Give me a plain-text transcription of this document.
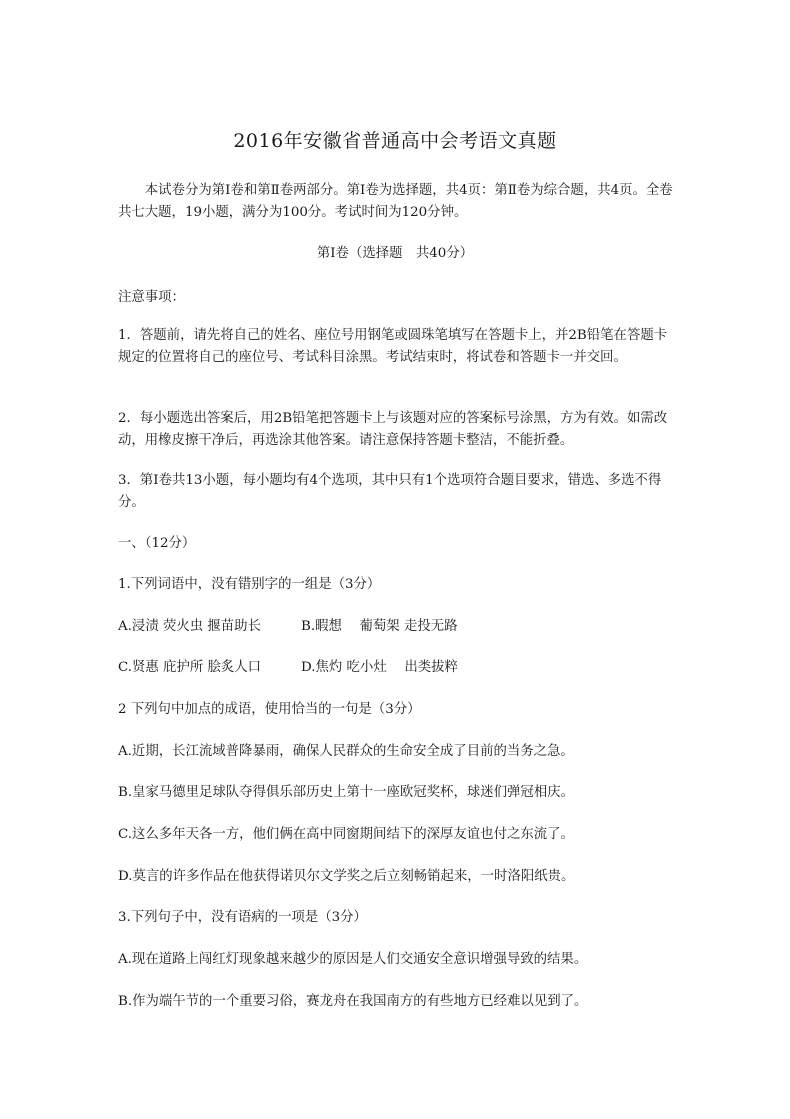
2016年安徽省普通高中会考语文真题

本试卷分为第Ⅰ卷和第Ⅱ卷两部分。第Ⅰ卷为选择题，共4页：第Ⅱ卷为综合题，共4页。全卷共七大题，19小题，满分为100分。考试时间为120分钟。

第Ⅰ卷（选择题　共40分）

注意事项：

1．答题前，请先将自己的姓名、座位号用钢笔或圆珠笔填写在答题卡上，并2B铅笔在答题卡规定的位置将自己的座位号、考试科目涂黑。考试结束时，将试卷和答题卡一并交回。

2．每小题选出答案后，用2B铅笔把答题卡上与该题对应的答案标号涂黑，方为有效。如需改动，用橡皮擦干净后，再选涂其他答案。请注意保持答题卡整洁，不能折叠。

3．第Ⅰ卷共13小题，每小题均有4个选项，其中只有1个选项符合题目要求，错选、多选不得分。

一、（12分）

1.下列词语中，没有错别字的一组是（3分）

A.浸渍 荧火虫 揠苗助长	B.暇想　 葡萄架 走投无路

C.贤惠 庇护所 脍炙人口	D.焦灼 吃小灶　 出类拔粹

2 下列句中加点的成语，使用恰当的一句是（3分）

A.近期，长江流域普降暴雨，确保人民群众的生命安全成了目前的当务之急。

B.皇家马德里足球队夺得俱乐部历史上第十一座欧冠奖杯，球迷们弹冠相庆。

C.这么多年天各一方，他们俩在高中同窗期间结下的深厚友谊也付之东流了。

D.莫言的许多作品在他获得诺贝尔文学奖之后立刻畅销起来，一时洛阳纸贵。

3.下列句子中，没有语病的一项是（3分）

A.现在道路上闯红灯现象越来越少的原因是人们交通安全意识增强导致的结果。

B.作为端午节的一个重要习俗，赛龙舟在我国南方的有些地方已经难以见到了。
